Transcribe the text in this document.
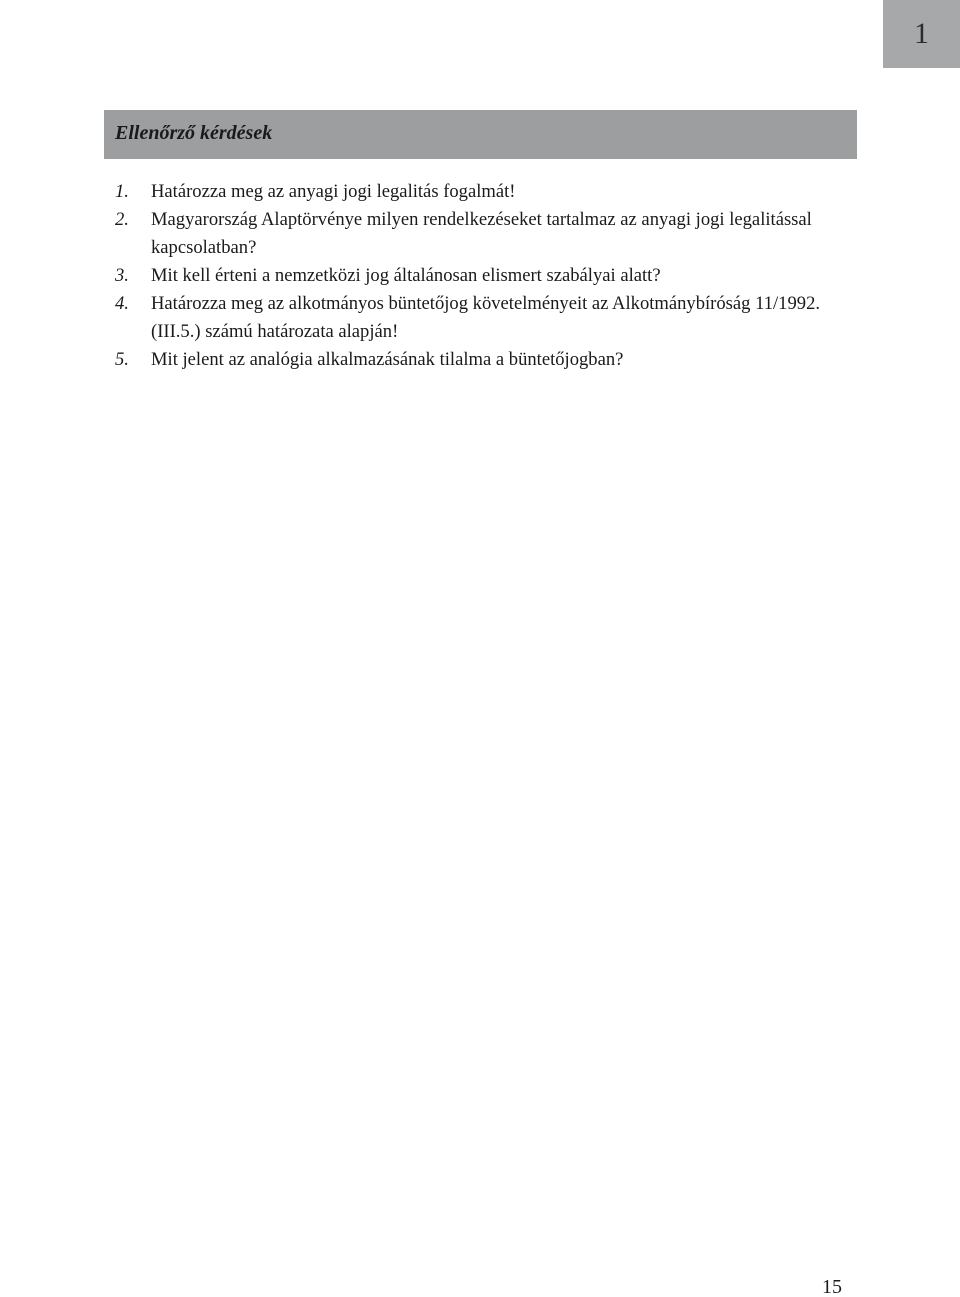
1
Ellenőrző kérdések
1. Határozza meg az anyagi jogi legalitás fogalmát!
2. Magyarország Alaptörvénye milyen rendelkezéseket tartalmaz az anyagi jogi legalitással kapcsolatban?
3. Mit kell érteni a nemzetközi jog általánosan elismert szabályai alatt?
4. Határozza meg az alkotmányos büntetőjog követelményeit az Alkotmánybíróság 11/1992. (III.5.) számú határozata alapján!
5. Mit jelent az analógia alkalmazásának tilalma a büntetőjogban?
15
